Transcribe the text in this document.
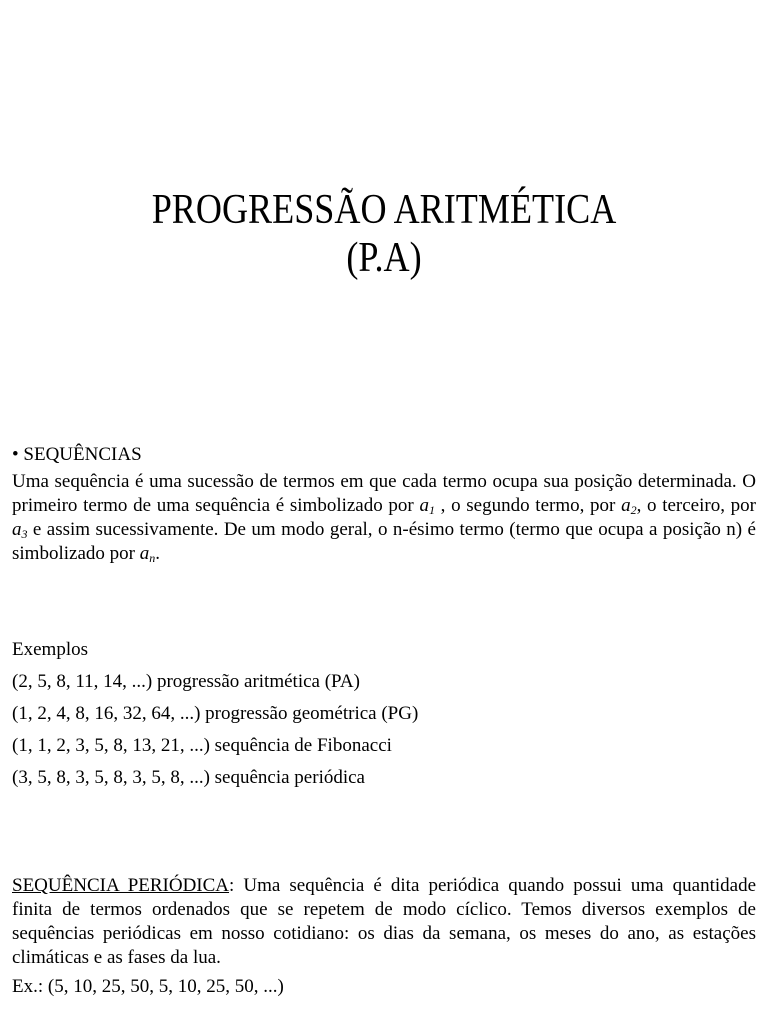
PROGRESSÃO ARITMÉTICA
(P.A)
• SEQUÊNCIAS

Uma sequência é uma sucessão de termos em que cada termo ocupa sua posição determinada. O primeiro termo de uma sequência é simbolizado por $a_1$ , o segundo termo, por $a_2$, o terceiro, por $a_3$ e assim sucessivamente. De um modo geral, o n-ésimo termo (termo que ocupa a posição n) é simbolizado por $a_n$.

Exemplos
(2, 5, 8, 11, 14, ...) progressão aritmética (PA)
(1, 2, 4, 8, 16, 32, 64, ...) progressão geométrica (PG)
(1, 1, 2, 3, 5, 8, 13, 21, ...) sequência de Fibonacci
(3, 5, 8, 3, 5, 8, 3, 5, 8, ...) sequência periódica

SEQUÊNCIA PERIÓDICA: Uma sequência é dita periódica quando possui uma quantidade finita de termos ordenados que se repetem de modo cíclico. Temos diversos exemplos de sequências periódicas em nosso cotidiano: os dias da semana, os meses do ano, as estações climáticas e as fases da lua.

Ex.: (5, 10, 25, 50, 5, 10, 25, 50, ...)
